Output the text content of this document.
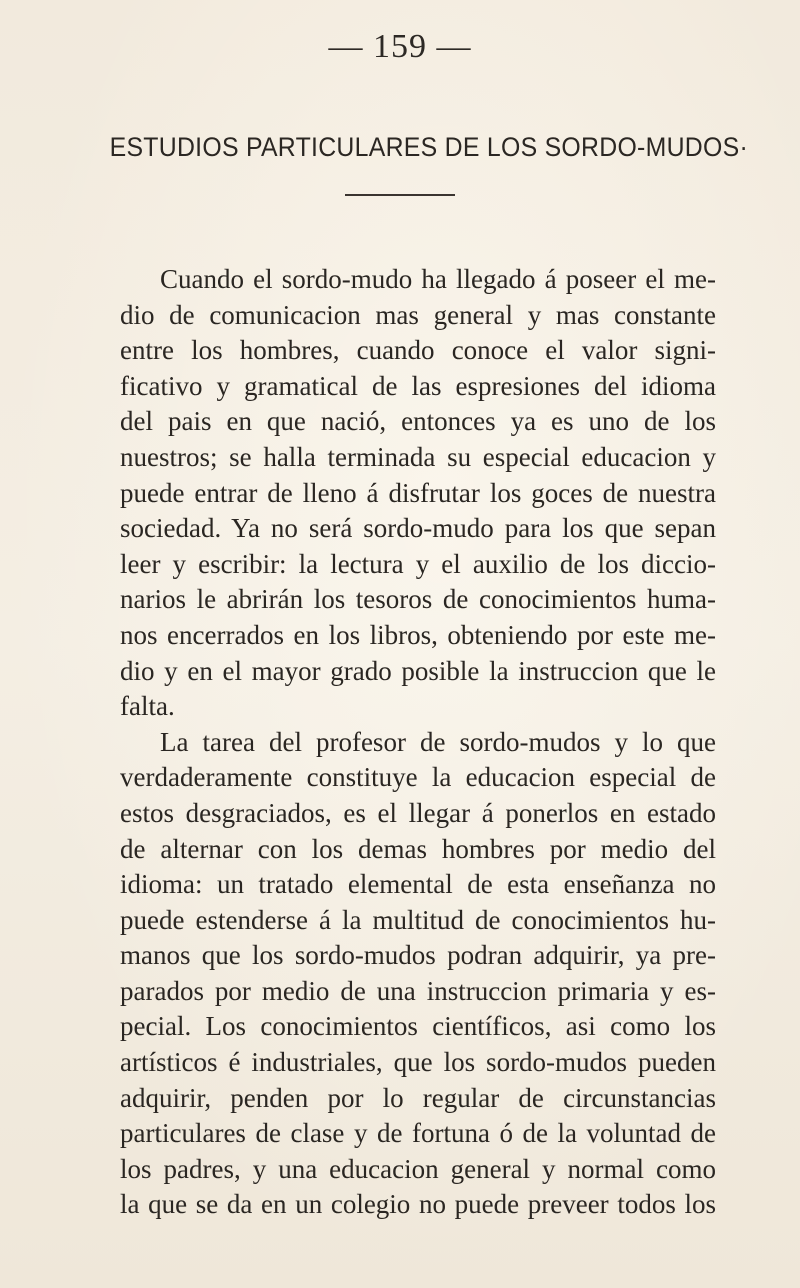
— 159 —
ESTUDIOS PARTICULARES DE LOS SORDO-MUDOS·
Cuando el sordo-mudo ha llegado á poseer el me-
dio de comunicacion mas general y mas constante
entre los hombres, cuando conoce el valor signi-
ficativo y gramatical de las espresiones del idioma
del pais en que nació, entonces ya es uno de los
nuestros; se halla terminada su especial educacion y
puede entrar de lleno á disfrutar los goces de nuestra
sociedad. Ya no será sordo-mudo para los que sepan
leer y escribir: la lectura y el auxilio de los diccio-
narios le abrirán los tesoros de conocimientos huma-
nos encerrados en los libros, obteniendo por este me-
dio y en el mayor grado posible la instruccion que le
falta.
La tarea del profesor de sordo-mudos y lo que
verdaderamente constituye la educacion especial de
estos desgraciados, es el llegar á ponerlos en estado
de alternar con los demas hombres por medio del
idioma: un tratado elemental de esta enseñanza no
puede estenderse á la multitud de conocimientos hu-
manos que los sordo-mudos podran adquirir, ya pre-
parados por medio de una instruccion primaria y es-
pecial. Los conocimientos científicos, asi como los
artísticos é industriales, que los sordo-mudos pueden
adquirir, penden por lo regular de circunstancias
particulares de clase y de fortuna ó de la voluntad de
los padres, y una educacion general y normal como
la que se da en un colegio no puede preveer todos los
